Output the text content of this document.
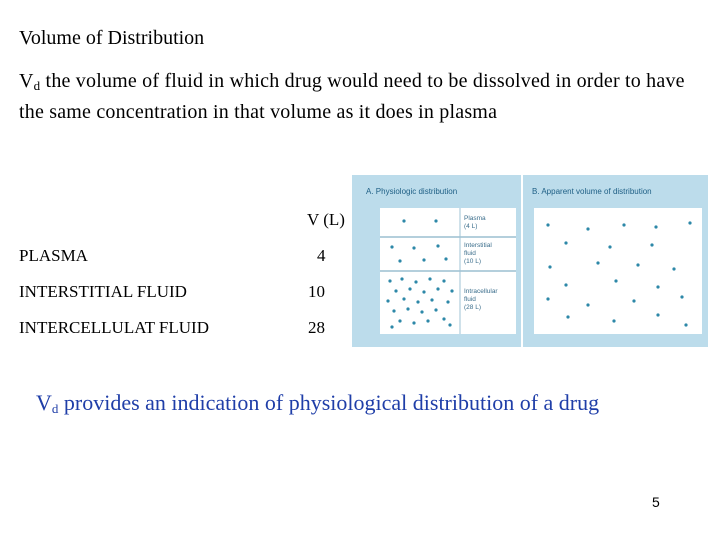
Volume of Distribution
$V_d$ the volume of fluid in which drug would need to be dissolved in order to have the same concentration in that volume as it does in plasma
V (L)
PLASMA	4
INTERSTITIAL FLUID	10
INTERCELLULAT FLUID	28
Plasma
(4 L)
Interstitial
fluid
(10 L)
Intracellular
fluid
(28 L)
A. Physiologic distribution	B. Apparent volume of distribution
$V_d$ provides an indication of physiological distribution of a drug
5
